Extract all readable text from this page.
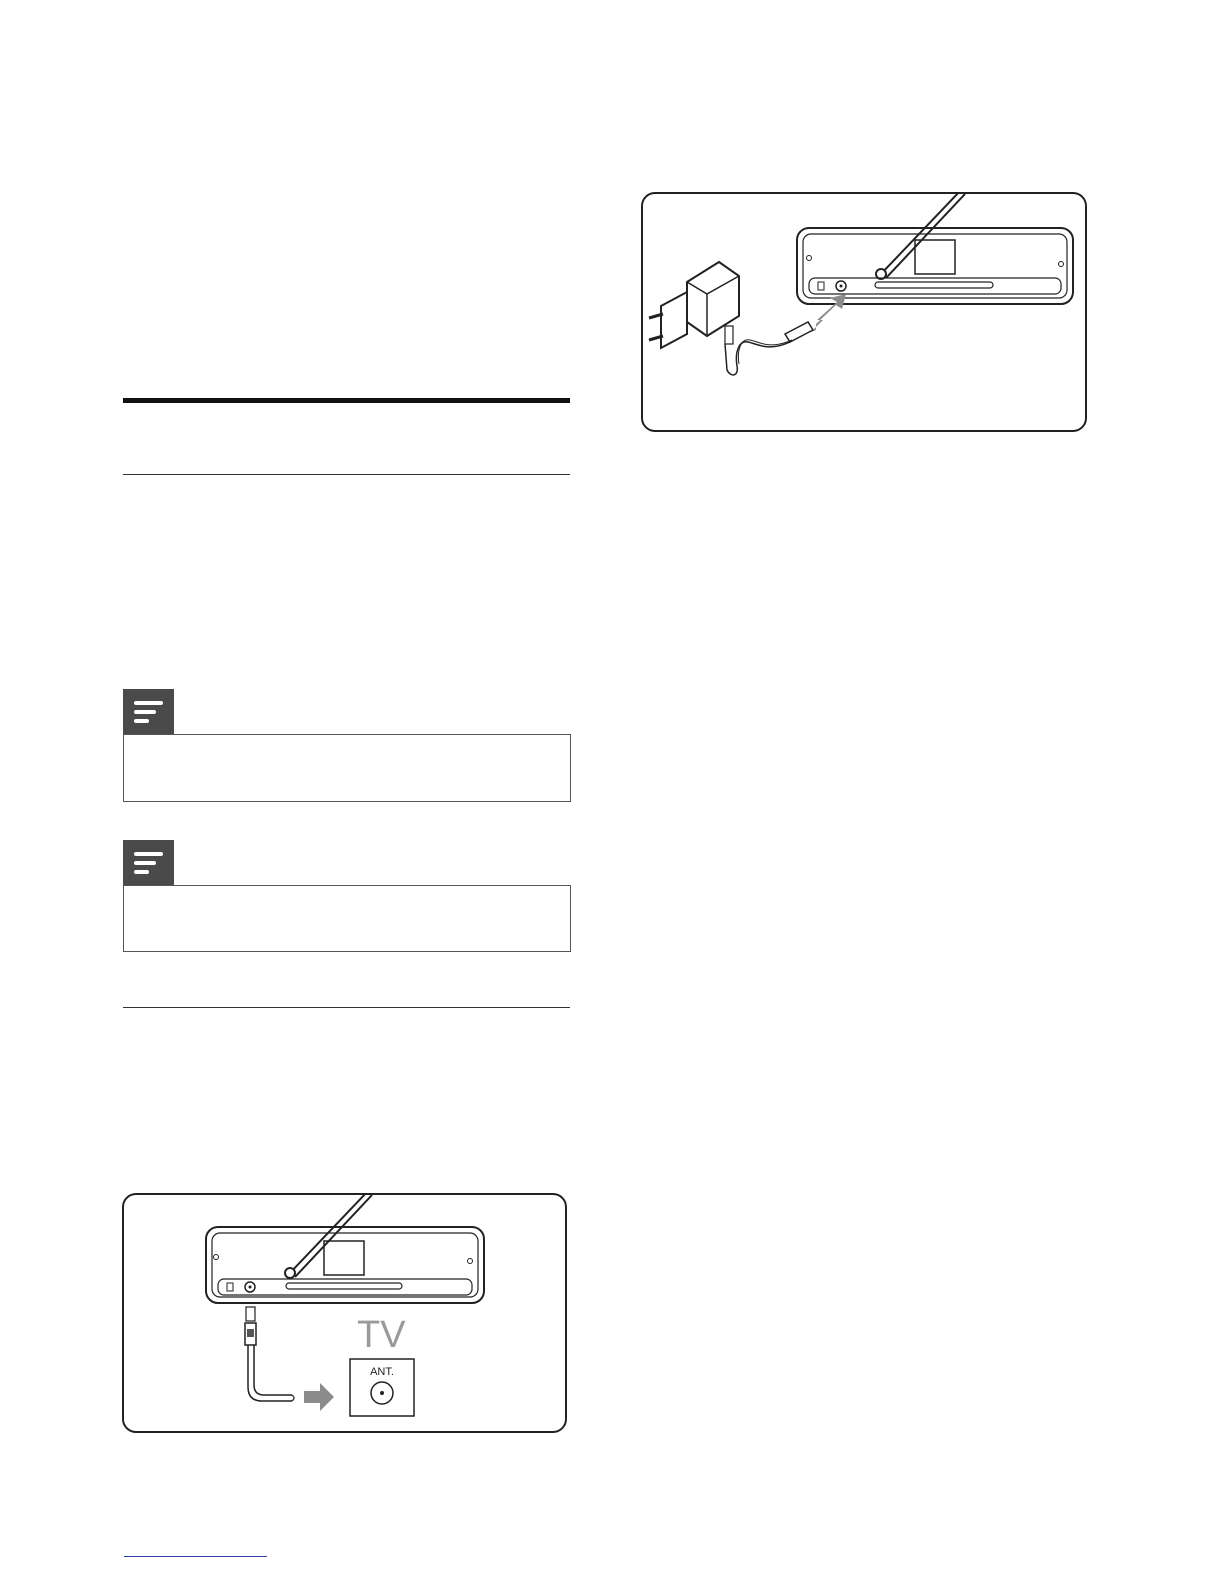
TV
ANT.
